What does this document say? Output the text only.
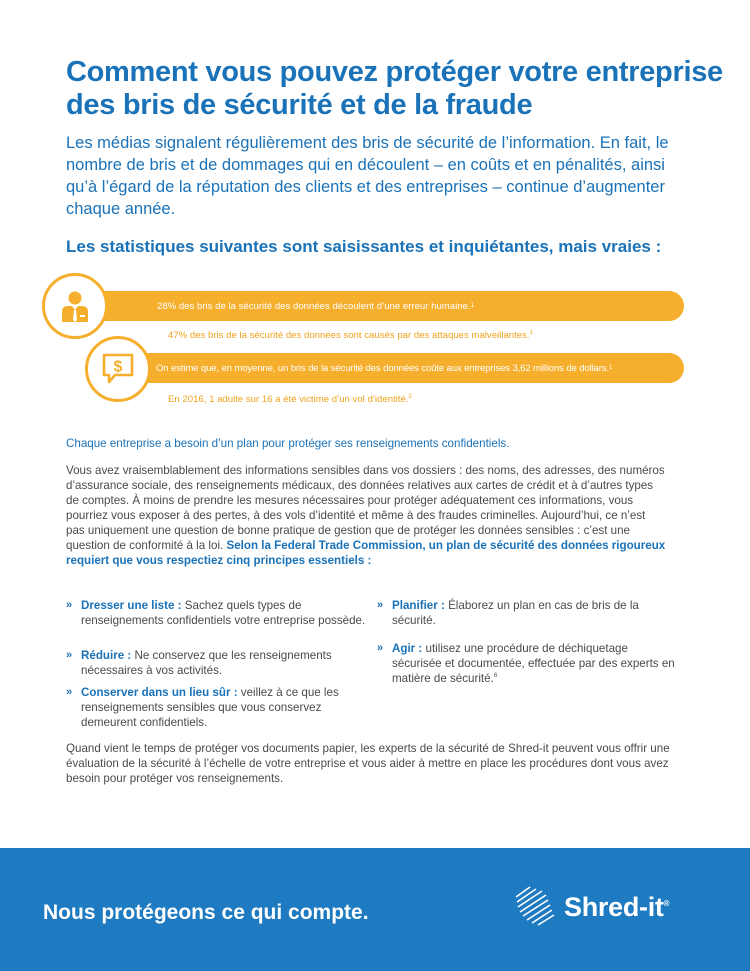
Comment vous pouvez protéger votre entreprise des bris de sécurité et de la fraude

Les médias signalent régulièrement des bris de sécurité de l’information. En fait, le nombre de bris et de dommages qui en découlent – en coûts et en pénalités, ainsi qu’à l’égard de la réputation des clients et des entreprises – continue d’augmenter chaque année.

Les statistiques suivantes sont saisissantes et inquiétantes, mais vraies :
28% des bris de la sécurité des données découlent d’une erreur humaine. 1
47% des bris de la sécurité des données sont causés par des attaques malveillantes.$^1$
On estime que, en moyenne, un bris de la sécurité des données coûte aux entreprises 3,62 millions de dollars. 1
En 2016, 1 adulte sur 16 a été victime d’un vol d’identité.$^2$
$

Chaque entreprise a besoin d’un plan pour protéger ses renseignements confidentiels.

Vous avez vraisemblablement des informations sensibles dans vos dossiers : des noms, des adresses, des numéros d’assurance sociale, des renseignements médicaux, des données relatives aux cartes de crédit et à d’autres types de comptes. À moins de prendre les mesures nécessaires pour protéger adéquatement ces informations, vous pourriez vous exposer à des pertes, à des vols d’identité et même à des fraudes criminelles. Aujourd’hui, ce n’est pas uniquement une question de bonne pratique de gestion que de protéger les données sensibles : c’est une question de conformité à la loi. Selon la Federal Trade Commission, un plan de sécurité des données rigoureux requiert que vous respectiez cinq principes essentiels :

» Dresser une liste : Sachez quels types de renseignements confidentiels votre entreprise possède.
» Réduire : Ne conservez que les renseignements nécessaires à vos activités.
» Conserver dans un lieu sûr : veillez à ce que les renseignements sensibles que vous conservez demeurent confidentiels.
» Planifier : Élaborez un plan en cas de bris de la sécurité.
» Agir : utilisez une procédure de déchiquetage sécurisée et documentée, effectuée par des experts en matière de sécurité.$^6$

Quand vient le temps de protéger vos documents papier, les experts de la sécurité de Shred-it peuvent vous offrir une évaluation de la sécurité à l’échelle de votre entreprise et vous aider à mettre en place les procédures dont vous avez besoin pour protéger vos renseignements.

Nous protégeons ce qui compte.	Shred-it®
